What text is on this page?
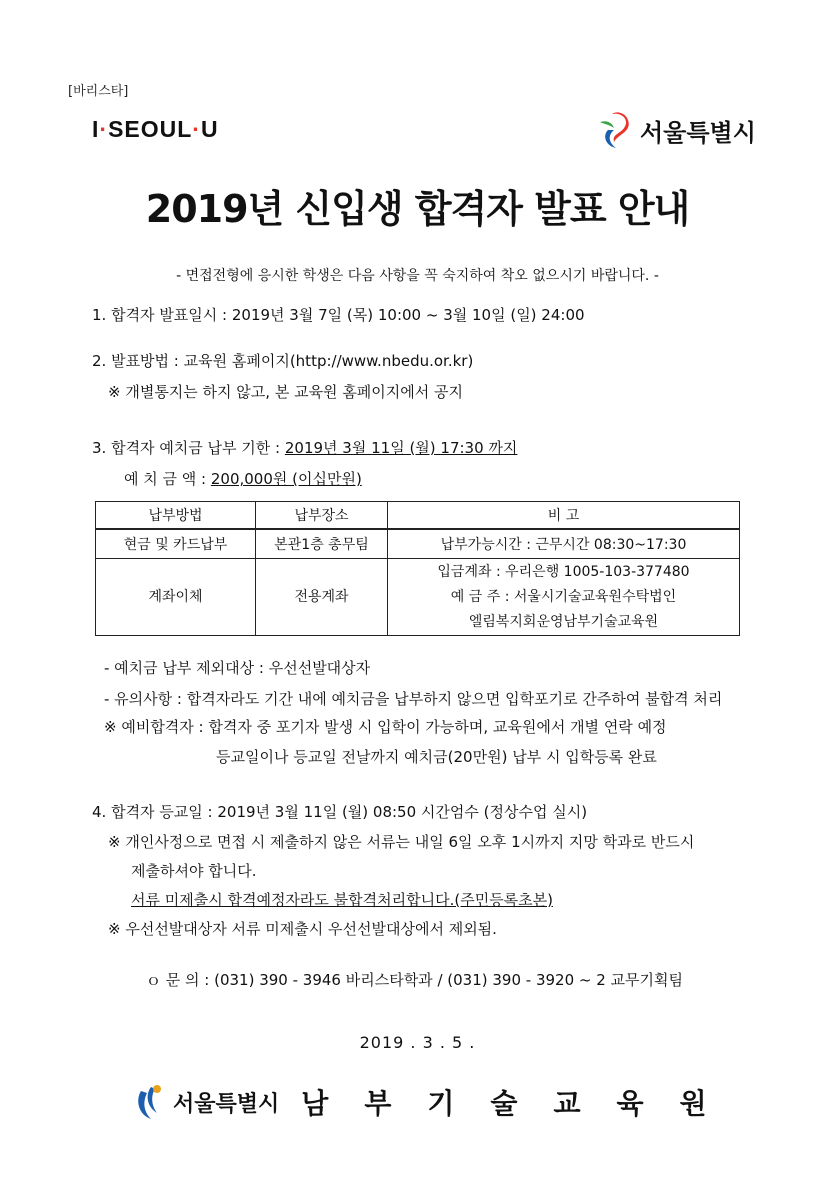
[바리스타]
I·SEOUL·U	서울특별시
2019년 신입생 합격자 발표 안내
- 면접전형에 응시한 학생은 다음 사항을 꼭 숙지하여 착오 없으시기 바랍니다. -
1. 합격자 발표일시 : 2019년 3월 7일 (목) 10:00 ~ 3월 10일 (일) 24:00
2. 발표방법 : 교육원 홈페이지(http://www.nbedu.or.kr)
※ 개별통지는 하지 않고, 본 교육원 홈페이지에서 공지
3. 합격자 예치금 납부 기한 : 2019년 3월 11일 (월) 17:30 까지
예 치 금 액 : 200,000원 (이십만원)
납부방법	납부장소	비 고
현금 및 카드납부	본관1층 총무팀	납부가능시간 : 근무시간 08:30~17:30
계좌이체	전용계좌	입금계좌 : 우리은행 1005-103-377480
예 금 주 : 서울시기술교육원수탁법인
엘림복지회운영남부기술교육원
- 예치금 납부 제외대상 : 우선선발대상자
- 유의사항 : 합격자라도 기간 내에 예치금을 납부하지 않으면 입학포기로 간주하여 불합격 처리
※ 예비합격자 : 합격자 중 포기자 발생 시 입학이 가능하며, 교육원에서 개별 연락 예정
등교일이나 등교일 전날까지 예치금(20만원) 납부 시 입학등록 완료
4. 합격자 등교일 : 2019년 3월 11일 (월) 08:50 시간엄수 (정상수업 실시)
※ 개인사정으로 면접 시 제출하지 않은 서류는 내일 6일 오후 1시까지 지망 학과로 반드시
제출하셔야 합니다.
서류 미제출시 합격예정자라도 불합격처리합니다.(주민등록초본)
※ 우선선발대상자 서류 미제출시 우선선발대상에서 제외됨.
ｏ 문 의 : (031) 390 - 3946 바리스타학과 / (031) 390 - 3920 ~ 2 교무기획팀
2019 . 3 . 5 .
서울특별시 남부기술교육원
